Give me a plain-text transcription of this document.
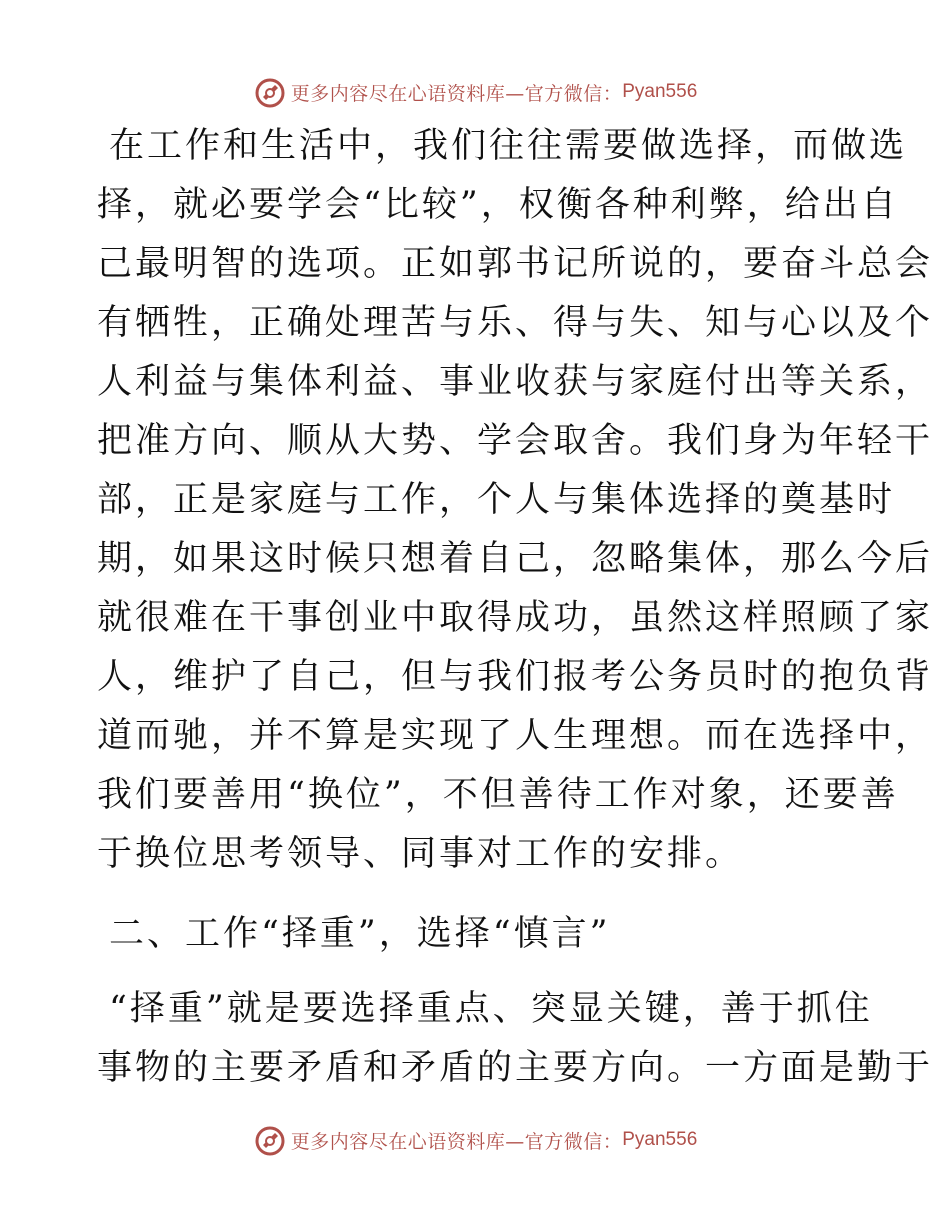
更多内容尽在心语资料库—官方微信： Pyan556
在工作和生活中，我们往往需要做选择，而做选
择，就必要学会“比较”，权衡各种利弊，给出自
己最明智的选项。正如郭书记所说的，要奋斗总会
有牺牲，正确处理苦与乐、得与失、知与心以及个
人利益与集体利益、事业收获与家庭付出等关系，
把准方向、顺从大势、学会取舍。我们身为年轻干
部，正是家庭与工作，个人与集体选择的奠基时
期，如果这时候只想着自己，忽略集体，那么今后
就很难在干事创业中取得成功，虽然这样照顾了家
人，维护了自己，但与我们报考公务员时的抱负背
道而驰，并不算是实现了人生理想。而在选择中，
我们要善用“换位”，不但善待工作对象，还要善
于换位思考领导、同事对工作的安排。
二、工作“择重”，选择“慎言”
“择重”就是要选择重点、突显关键，善于抓住
事物的主要矛盾和矛盾的主要方向。一方面是勤于
更多内容尽在心语资料库—官方微信： Pyan556
